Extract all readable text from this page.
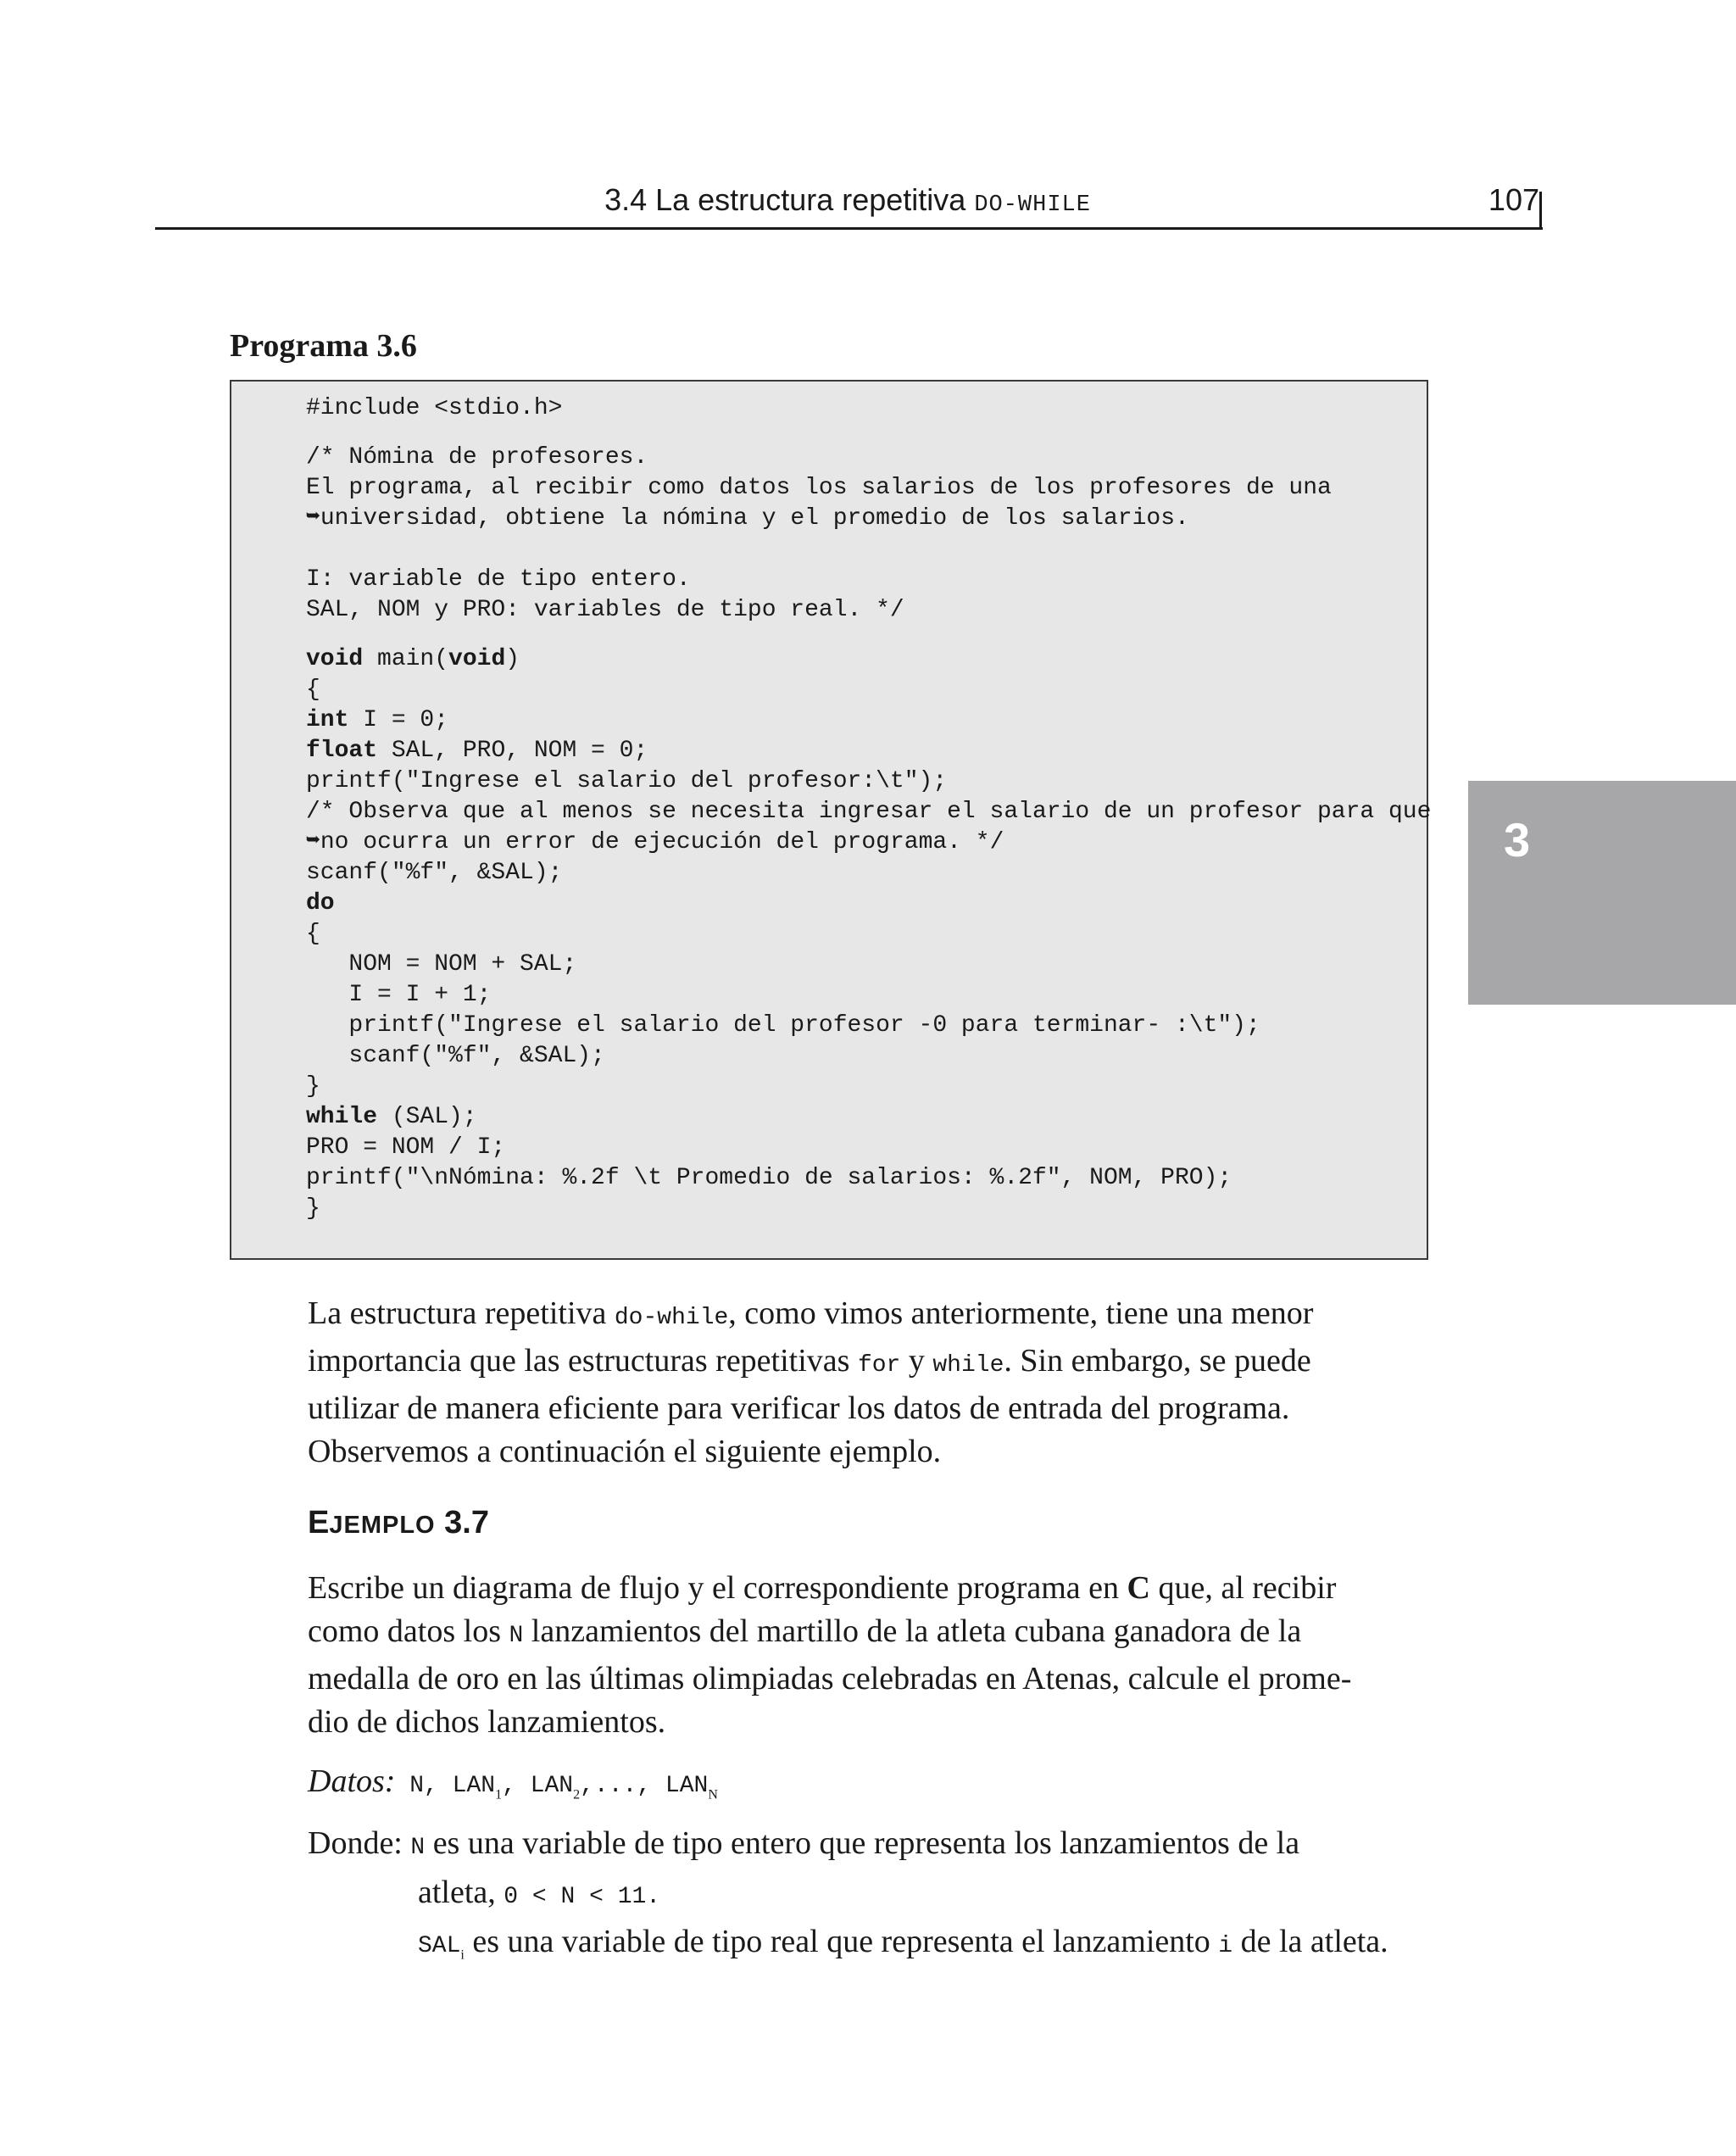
3.4 La estructura repetitiva DO-WHILE	107
3
Programa 3.6
#include <stdio.h>
/* Nómina de profesores.
El programa, al recibir como datos los salarios de los profesores de una
➥universidad, obtiene la nómina y el promedio de los salarios.
I: variable de tipo entero.
SAL, NOM y PRO: variables de tipo real. */
void main(void)
{
int I = 0;
float SAL, PRO, NOM = 0;
printf("Ingrese el salario del profesor:\t");
/* Observa que al menos se necesita ingresar el salario de un profesor para que
➥no ocurra un error de ejecución del programa. */
scanf("%f", &SAL);
do
{
NOM = NOM + SAL;
I = I + 1;
printf("Ingrese el salario del profesor -0 para terminar- :\t");
scanf("%f", &SAL);
}
while (SAL);
PRO = NOM / I;
printf("\nNómina: %.2f \t Promedio de salarios: %.2f", NOM, PRO);
}
La estructura repetitiva do-while, como vimos anteriormente, tiene una menor
importancia que las estructuras repetitivas for y while. Sin embargo, se puede
utilizar de manera eficiente para verificar los datos de entrada del programa.
Observemos a continuación el siguiente ejemplo.
EJEMPLO 3.7
Escribe un diagrama de flujo y el correspondiente programa en C que, al recibir
como datos los N lanzamientos del martillo de la atleta cubana ganadora de la
medalla de oro en las últimas olimpiadas celebradas en Atenas, calcule el prome-
dio de dichos lanzamientos.
Datos: N, $LAN_1$, $LAN_2$,..., $LAN_N$
Donde: N es una variable de tipo entero que representa los lanzamientos de la
atleta, 0 < N < 11.
$SAL_i$ es una variable de tipo real que representa el lanzamiento i de la atleta.
